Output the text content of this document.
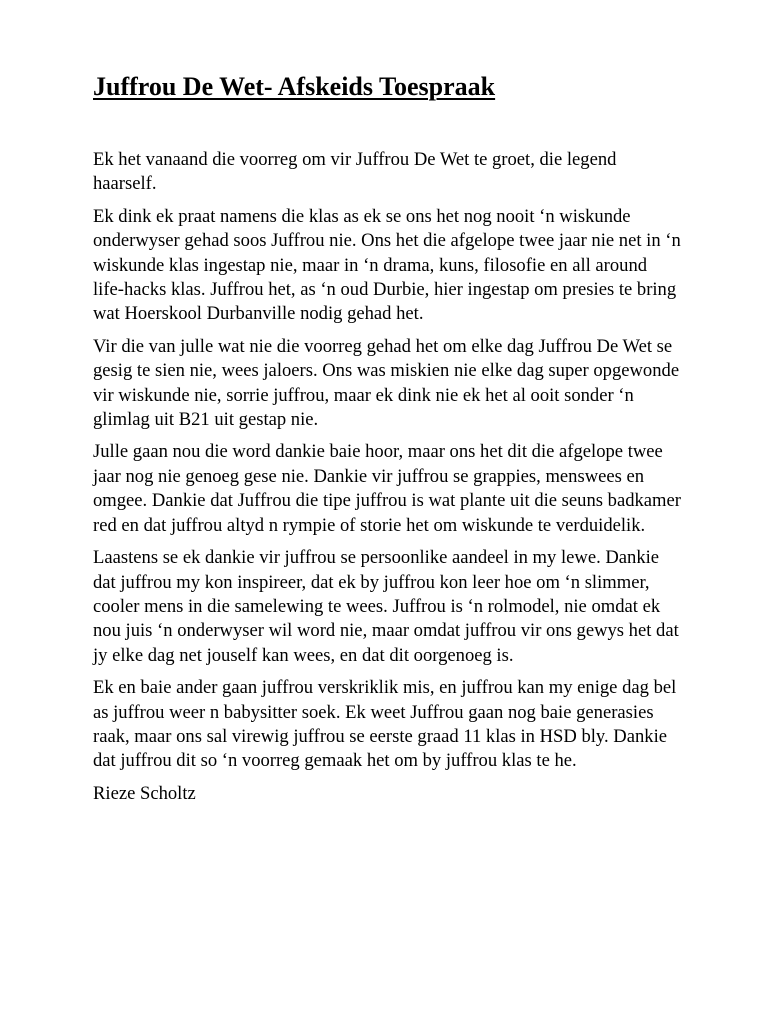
Juffrou De Wet- Afskeids Toespraak

Ek het vanaand die voorreg om vir Juffrou De Wet te groet, die legend haarself.

Ek dink ek praat namens die klas as ek se ons het nog nooit ‘n wiskunde onderwyser gehad soos Juffrou nie. Ons het die afgelope twee jaar nie net in ‘n wiskunde klas ingestap nie, maar in ‘n drama, kuns, filosofie en all around life-hacks klas. Juffrou het, as ‘n oud Durbie, hier ingestap om presies te bring wat Hoerskool Durbanville nodig gehad het.

Vir die van julle wat nie die voorreg gehad het om elke dag Juffrou De Wet se gesig te sien nie, wees jaloers. Ons was miskien nie elke dag super opgewonde vir wiskunde nie, sorrie juffrou, maar ek dink nie ek het al ooit sonder ‘n glimlag uit B21 uit gestap nie.

Julle gaan nou die word dankie baie hoor, maar ons het dit die afgelope twee jaar nog nie genoeg gese nie. Dankie vir juffrou se grappies, menswees en omgee. Dankie dat Juffrou die tipe juffrou is wat plante uit die seuns badkamer red en dat juffrou altyd n rympie of storie het om wiskunde te verduidelik.

Laastens se ek dankie vir juffrou se persoonlike aandeel in my lewe. Dankie dat juffrou my kon inspireer, dat ek by juffrou kon leer hoe om ‘n slimmer, cooler mens in die samelewing te wees. Juffrou is ‘n rolmodel, nie omdat ek nou juis ‘n onderwyser wil word nie, maar omdat juffrou vir ons gewys het dat jy elke dag net jouself kan wees, en dat dit oorgenoeg is.

Ek en baie ander gaan juffrou verskriklik mis, en juffrou kan my enige dag bel as juffrou weer n babysitter soek. Ek weet Juffrou gaan nog baie generasies raak, maar ons sal virewig juffrou se eerste graad 11 klas in HSD bly. Dankie dat juffrou dit so ‘n voorreg gemaak het om by juffrou klas te he.

Rieze Scholtz
